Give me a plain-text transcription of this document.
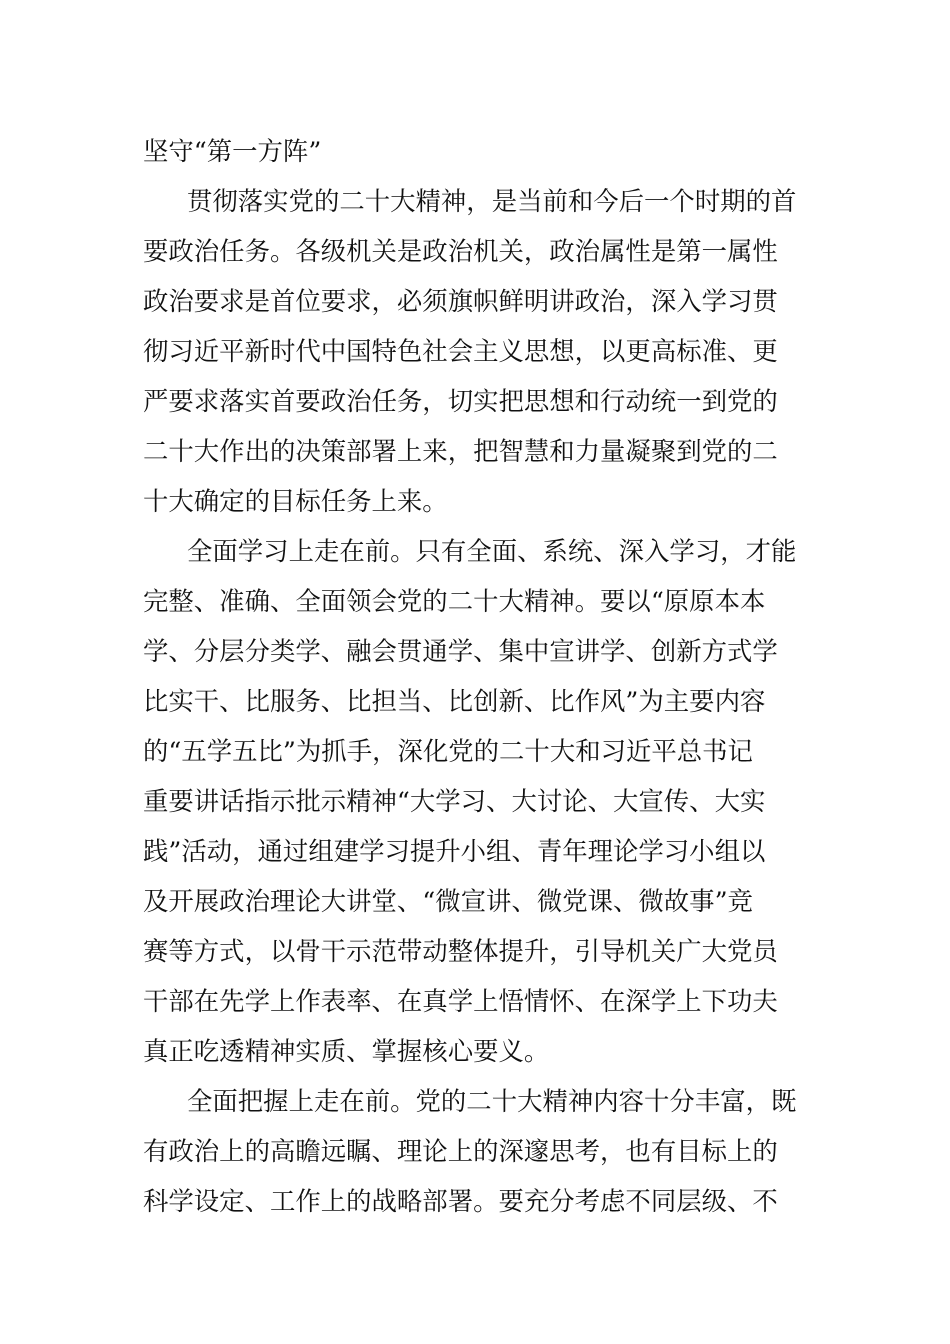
坚守“第一方阵”
贯彻落实党的二十大精神，是当前和今后一个时期的首
要政治任务。各级机关是政治机关，政治属性是第一属性
政治要求是首位要求，必须旗帜鲜明讲政治，深入学习贯
彻习近平新时代中国特色社会主义思想，以更高标准、更
严要求落实首要政治任务，切实把思想和行动统一到党的
二十大作出的决策部署上来，把智慧和力量凝聚到党的二
十大确定的目标任务上来。
全面学习上走在前。只有全面、系统、深入学习，才能
完整、准确、全面领会党的二十大精神。要以“原原本本
学、分层分类学、融会贯通学、集中宣讲学、创新方式学
比实干、比服务、比担当、比创新、比作风”为主要内容
的“五学五比”为抓手，深化党的二十大和习近平总书记
重要讲话指示批示精神“大学习、大讨论、大宣传、大实
践”活动，通过组建学习提升小组、青年理论学习小组以
及开展政治理论大讲堂、“微宣讲、微党课、微故事”竞
赛等方式，以骨干示范带动整体提升，引导机关广大党员
干部在先学上作表率、在真学上悟情怀、在深学上下功夫
真正吃透精神实质、掌握核心要义。
全面把握上走在前。党的二十大精神内容十分丰富，既
有政治上的高瞻远瞩、理论上的深邃思考，也有目标上的
科学设定、工作上的战略部署。要充分考虑不同层级、不
